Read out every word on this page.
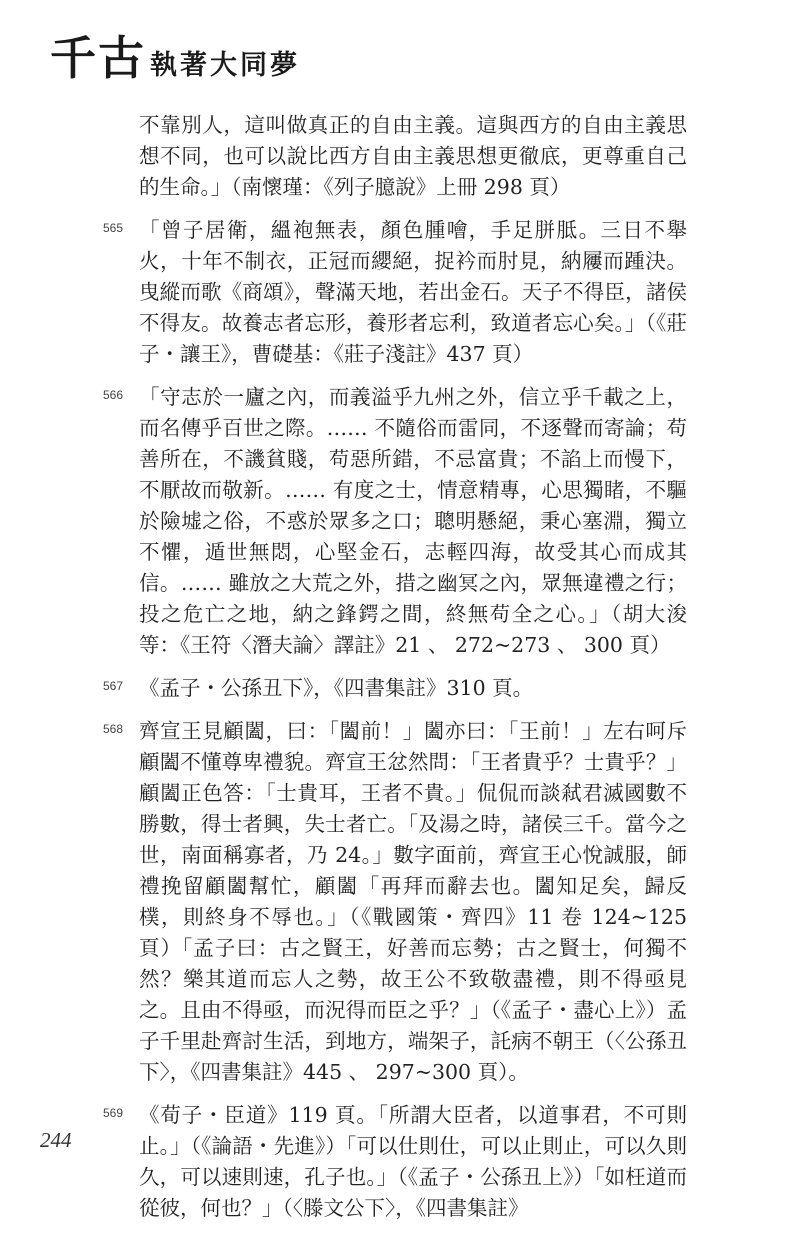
千古 執著大同夢
不靠別人，這叫做真正的自由主義。這與西方的自由主義思想不同，也可以說比西方自由主義思想更徹底，更尊重自己的生命。」（南懷瑾：《列子臆說》上冊 298 頁）
565 「曾子居衛，縕袍無表，顏色腫噲，手足胼胝。三日不舉火，十年不制衣，正冠而纓絕，捉衿而肘見，納屨而踵決。曳縱而歌《商頌》，聲滿天地，若出金石。天子不得臣，諸侯不得友。故養志者忘形，養形者忘利，致道者忘心矣。」（《莊子・讓王》，曹礎基：《莊子淺註》437 頁）
566 「守志於一廬之內，而義溢乎九州之外，信立乎千載之上，而名傳乎百世之際。…… 不隨俗而雷同，不逐聲而寄論；苟善所在，不譏貧賤，苟惡所錯，不忌富貴；不諂上而慢下，不厭故而敬新。…… 有度之士，情意精專，心思獨睹，不驅於險墟之俗，不惑於眾多之口；聰明懸絕，秉心塞淵，獨立不懼，遁世無悶，心堅金石，志輕四海，故受其心而成其信。…… 雖放之大荒之外，措之幽冥之內，眾無違禮之行；投之危亡之地，納之鋒鍔之間，終無苟全之心。」（胡大浚等：《王符〈潛夫論〉譯註》21 、 272~273 、 300 頁）
567 《孟子・公孫丑下》，《四書集註》310 頁。
568 齊宣王見顧闔，曰：「闔前！」闔亦曰：「王前！」左右呵斥顧闔不懂尊卑禮貌。齊宣王忿然問：「王者貴乎？士貴乎？」顧闔正色答：「士貴耳，王者不貴。」侃侃而談弒君滅國數不勝數，得士者興，失士者亡。「及湯之時，諸侯三千。當今之世，南面稱寡者，乃 24。」數字面前，齊宣王心悅誠服，師禮挽留顧闔幫忙，顧闔「再拜而辭去也。闔知足矣，歸反樸，則終身不辱也。」（《戰國策・齊四》11 卷 124~125 頁）「孟子曰：古之賢王，好善而忘勢；古之賢士，何獨不然？樂其道而忘人之勢，故王公不致敬盡禮，則不得亟見之。且由不得亟，而況得而臣之乎？」（《孟子・盡心上》）孟子千里赴齊討生活，到地方，端架子，託病不朝王（〈公孫丑下〉，《四書集註》445 、 297~300 頁）。
569 《荀子・臣道》119 頁。「所謂大臣者，以道事君，不可則止。」（《論語・先進》）「可以仕則仕，可以止則止，可以久則久，可以速則速，孔子也。」（《孟子・公孫丑上》）「如枉道而從彼，何也？」（〈滕文公下〉，《四書集註》
244
